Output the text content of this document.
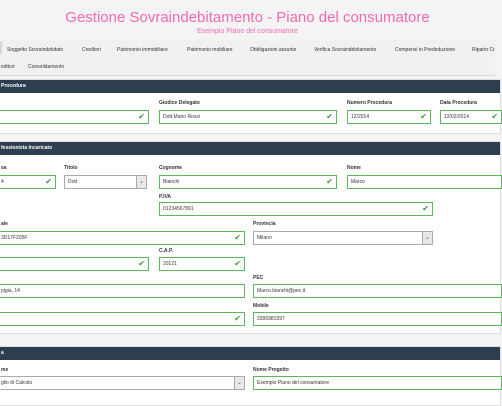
Gestione Sovraindebitamento - Piano del consumatore
Esempio Piano del consumatore
Soggetto Sovraindebitato	Creditori	Patrimonio immobiliare	Patrimonio mobiliare	Obbligazioni assunte	Verifica Sovraindebitamento	Compensi in Prededuzione	Riparto Cr
editori	Consolidamento
Procedura
✔
Giudice Delegato
Dott.Mario Rossi	✔
Numero Procedura
12/2014	✔
Data Procedura
12/02/2014	✔
fessionista Incaricato
sa
4	✔
Titolo
Dott	⌄
Cognome
Bianchi	✔
Nome
Marco
P.IVA
01234567891	✔
ale
3D17F205F	✔
Provincia
Milano	⌄
✔
C.A.P.
20121	✔
pigia, 14
PEC
Marco.bianchi@pec.it
✔
Mobile
3395981597
a
me
glio di Calcolo	⌄
Nome Progetto
Esempio Piano del consumatore
